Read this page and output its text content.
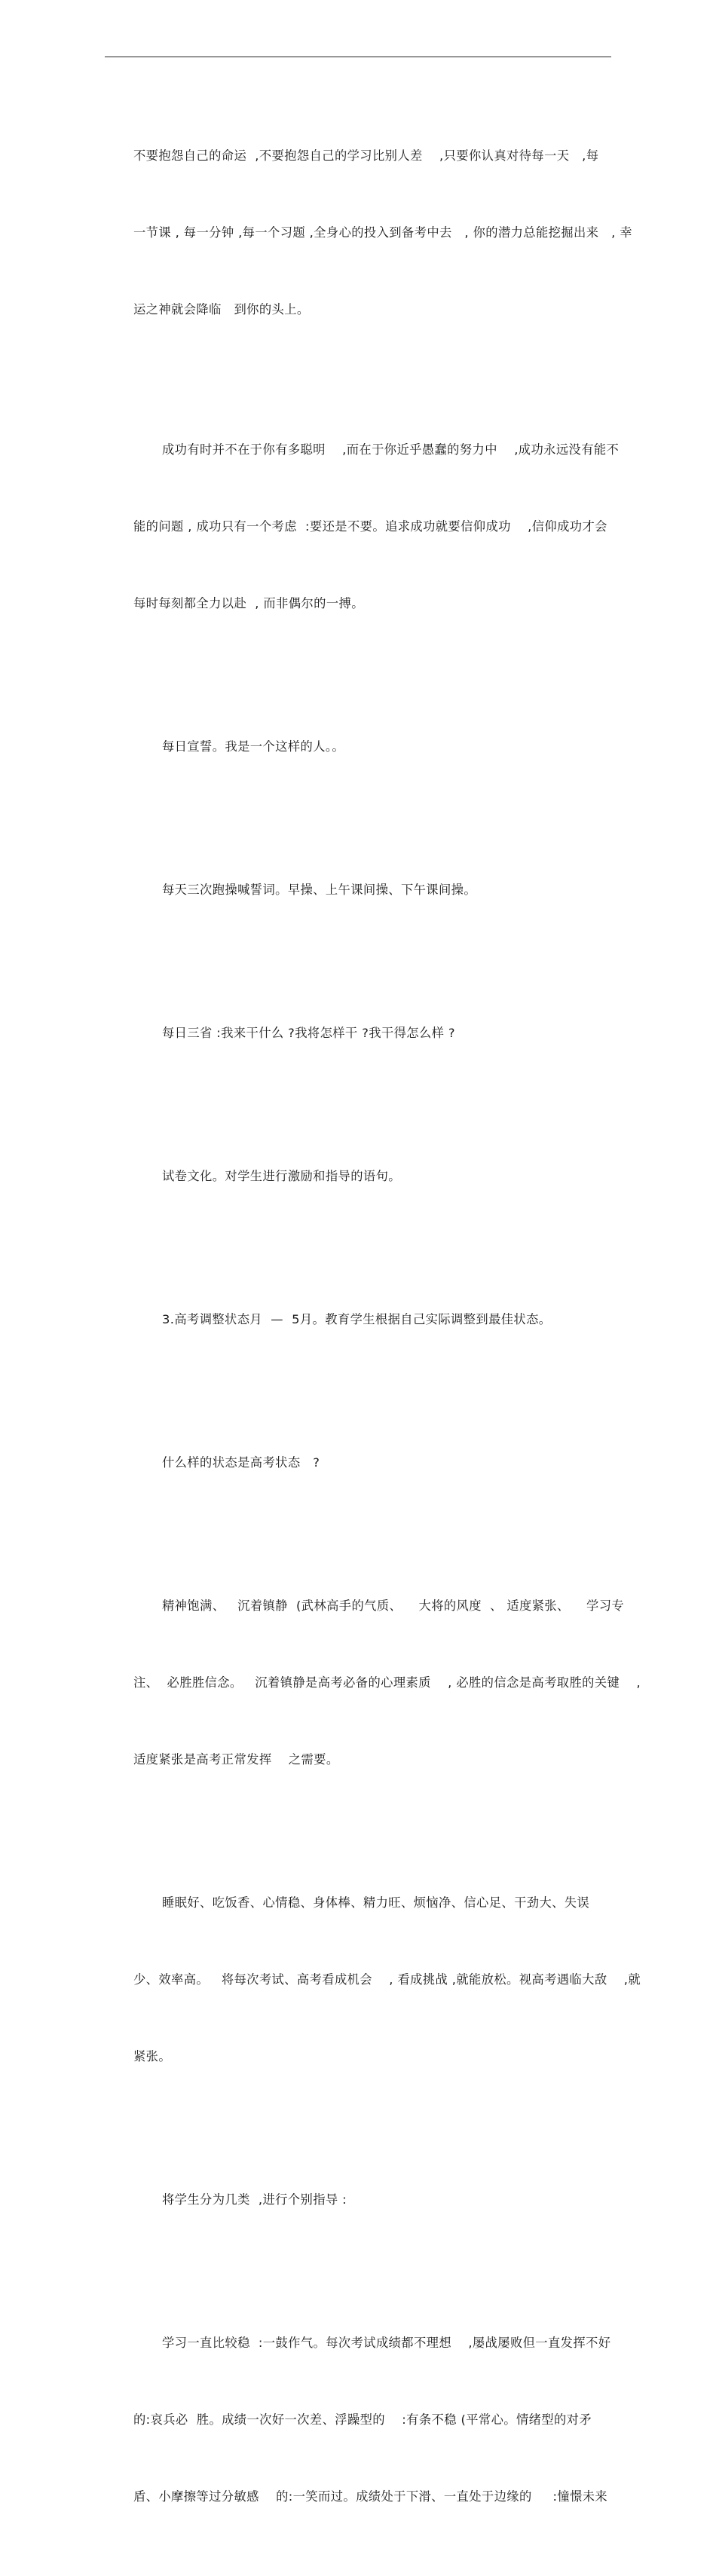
不要抱怨自己的命运  ,不要抱怨自己的学习比别人差    ,只要你认真对待每一天   ,每

一节课 , 每一分钟 ,每一个习题 ,全身心的投入到备考中去   , 你的潜力总能挖掘出来   , 幸

运之神就会降临   到你的头上。

成功有时并不在于你有多聪明    ,而在于你近乎愚蠢的努力中    ,成功永远没有能不

能的问题 , 成功只有一个考虑  :要还是不要。追求成功就要信仰成功    ,信仰成功才会

每时每刻都全力以赴  , 而非偶尔的一搏。

每日宣誓。我是一个这样的人。。

每天三次跑操喊誓词。早操、上午课间操、下午课间操。

每日三省 :我来干什么 ?我将怎样干 ?我干得怎么样 ?

试卷文化。对学生进行激励和指导的语句。

3.高考调整状态月  —  5月。教育学生根据自己实际调整到最佳状态。

什么样的状态是高考状态   ?

精神饱满、   沉着镇静  (武林高手的气质、    大将的风度  、 适度紧张、    学习专

注、  必胜胜信念。   沉着镇静是高考必备的心理素质    , 必胜的信念是高考取胜的关键    ,

适度紧张是高考正常发挥    之需要。

睡眠好、吃饭香、心情稳、身体棒、精力旺、烦恼净、信心足、干劲大、失误

少、效率高。   将每次考试、高考看成机会    , 看成挑战 ,就能放松。视高考遇临大敌    ,就

紧张。

将学生分为几类  ,进行个别指导 :

学习一直比较稳  :一鼓作气。每次考试成绩都不理想    ,屡战屡败但一直发挥不好

的:哀兵必  胜。成绩一次好一次差、浮躁型的    :有条不稳 (平常心。情绪型的对矛

盾、小摩擦等过分敏感    的:一笑而过。成绩处于下滑、一直处于边缘的     :憧憬未来
